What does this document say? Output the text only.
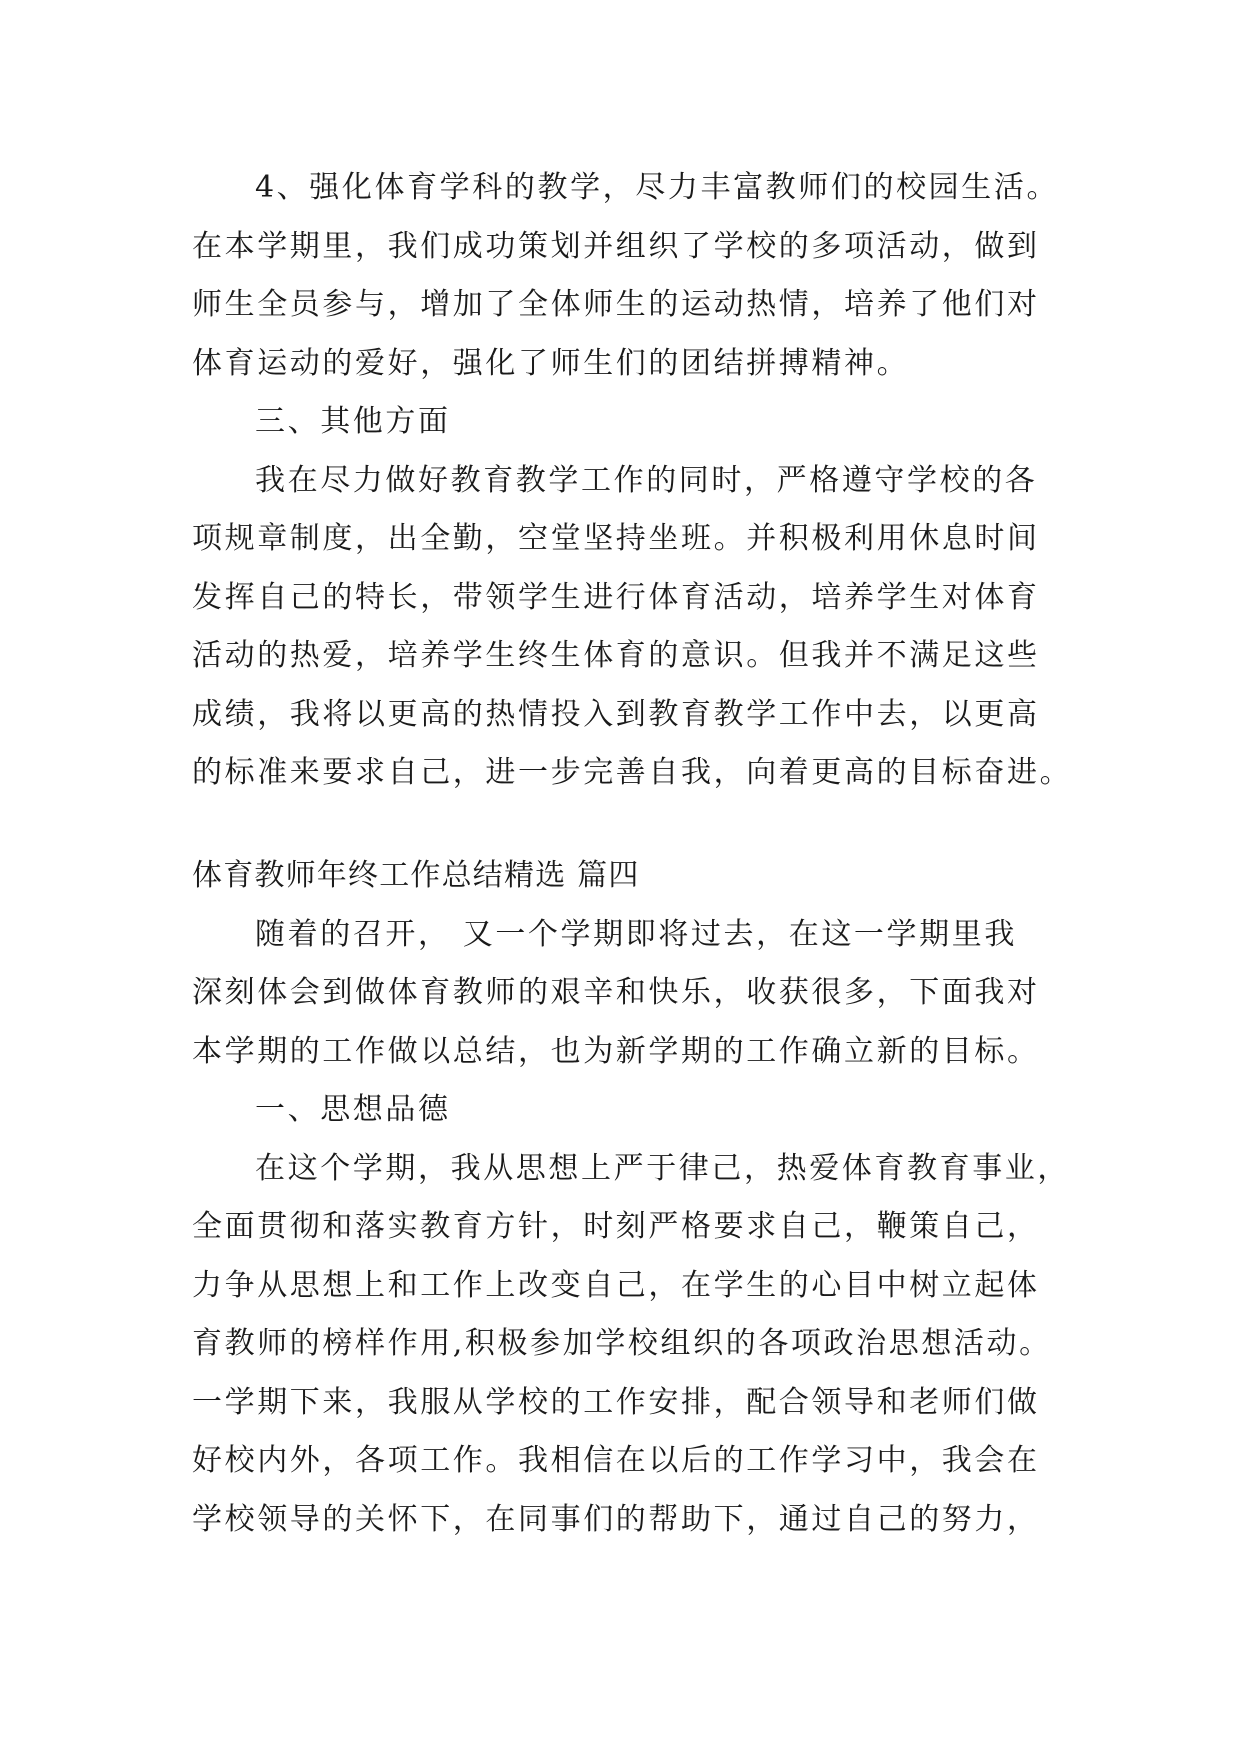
4、强化体育学科的教学，尽力丰富教师们的校园生活。
在本学期里，我们成功策划并组织了学校的多项活动，做到
师生全员参与，增加了全体师生的运动热情，培养了他们对
体育运动的爱好，强化了师生们的团结拼搏精神。
三、其他方面
我在尽力做好教育教学工作的同时，严格遵守学校的各
项规章制度，出全勤，空堂坚持坐班。并积极利用休息时间
发挥自己的特长，带领学生进行体育活动，培养学生对体育
活动的热爱，培养学生终生体育的意识。但我并不满足这些
成绩，我将以更高的热情投入到教育教学工作中去，以更高
的标准来要求自己，进一步完善自我，向着更高的目标奋进。
体育教师年终工作总结精选 篇四
随着的召开， 又一个学期即将过去，在这一学期里我
深刻体会到做体育教师的艰辛和快乐，收获很多，下面我对
本学期的工作做以总结，也为新学期的工作确立新的目标。
一、思想品德
在这个学期，我从思想上严于律己，热爱体育教育事业，
全面贯彻和落实教育方针，时刻严格要求自己，鞭策自己，
力争从思想上和工作上改变自己，在学生的心目中树立起体
育教师的榜样作用,积极参加学校组织的各项政治思想活动。
一学期下来，我服从学校的工作安排，配合领导和老师们做
好校内外，各项工作。我相信在以后的工作学习中，我会在
学校领导的关怀下，在同事们的帮助下，通过自己的努力，
